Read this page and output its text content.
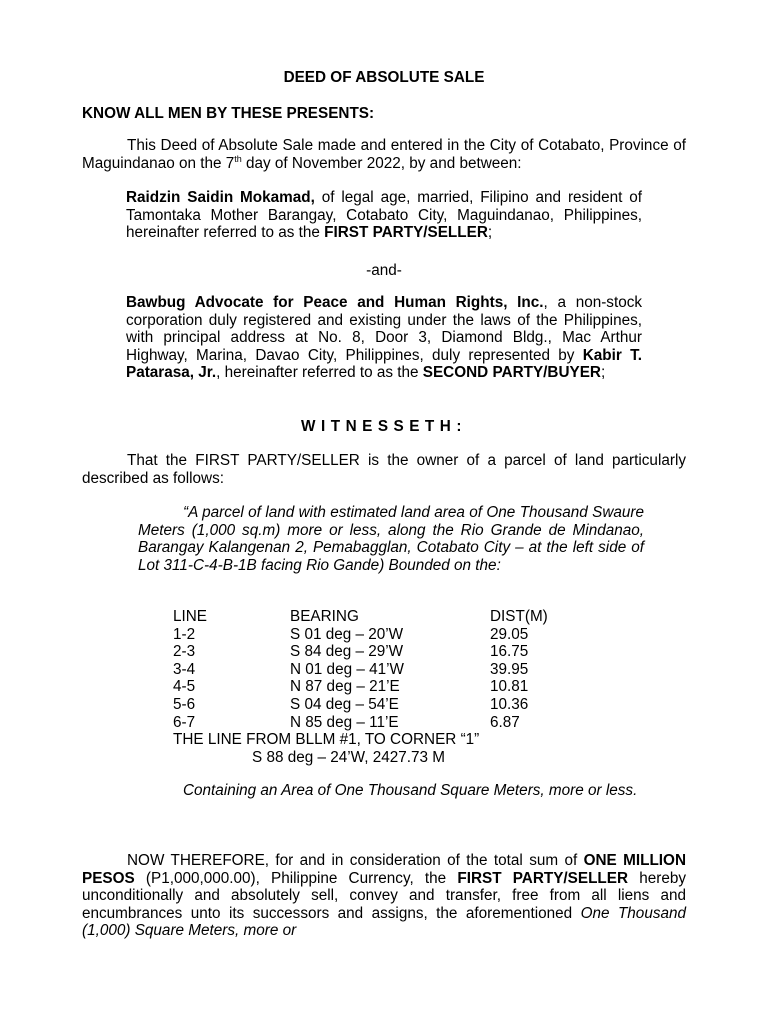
DEED OF ABSOLUTE SALE
KNOW ALL MEN BY THESE PRESENTS:

This Deed of Absolute Sale made and entered in the City of Cotabato, Province of Maguindanao on the 7th day of November 2022, by and between:

Raidzin Saidin Mokamad, of legal age, married, Filipino and resident of Tamontaka Mother Barangay, Cotabato City, Maguindanao, Philippines, hereinafter referred to as the FIRST PARTY/SELLER;

-and-

Bawbug Advocate for Peace and Human Rights, Inc., a non-stock corporation duly registered and existing under the laws of the Philippines, with principal address at No. 8, Door 3, Diamond Bldg., Mac Arthur Highway, Marina, Davao City, Philippines, duly represented by Kabir T. Patarasa, Jr., hereinafter referred to as the SECOND PARTY/BUYER;

WITNESSETH:

That the FIRST PARTY/SELLER is the owner of a parcel of land particularly described as follows:

“A parcel of land with estimated land area of One Thousand Swaure Meters (1,000 sq.m) more or less, along the Rio Grande de Mindanao, Barangay Kalangenan 2, Pemabagglan, Cotabato City – at the left side of Lot 311-C-4-B-1B facing Rio Gande) Bounded on the:

LINE	BEARING	DIST(M)
1-2	S 01 deg – 20’W	29.05
2-3	S 84 deg – 29’W	16.75
3-4	N 01 deg – 41’W	39.95
4-5	N 87 deg – 21’E	10.81
5-6	S 04 deg – 54’E	10.36
6-7	N 85 deg – 11’E	6.87
THE LINE FROM BLLM #1, TO CORNER “1”
S 88 deg – 24’W, 2427.73 M

Containing an Area of One Thousand Square Meters, more or less.

NOW THEREFORE, for and in consideration of the total sum of ONE MILLION PESOS (P1,000,000.00), Philippine Currency, the FIRST PARTY/SELLER hereby unconditionally and absolutely sell, convey and transfer, free from all liens and encumbrances unto its successors and assigns, the aforementioned One Thousand (1,000) Square Meters, more or
